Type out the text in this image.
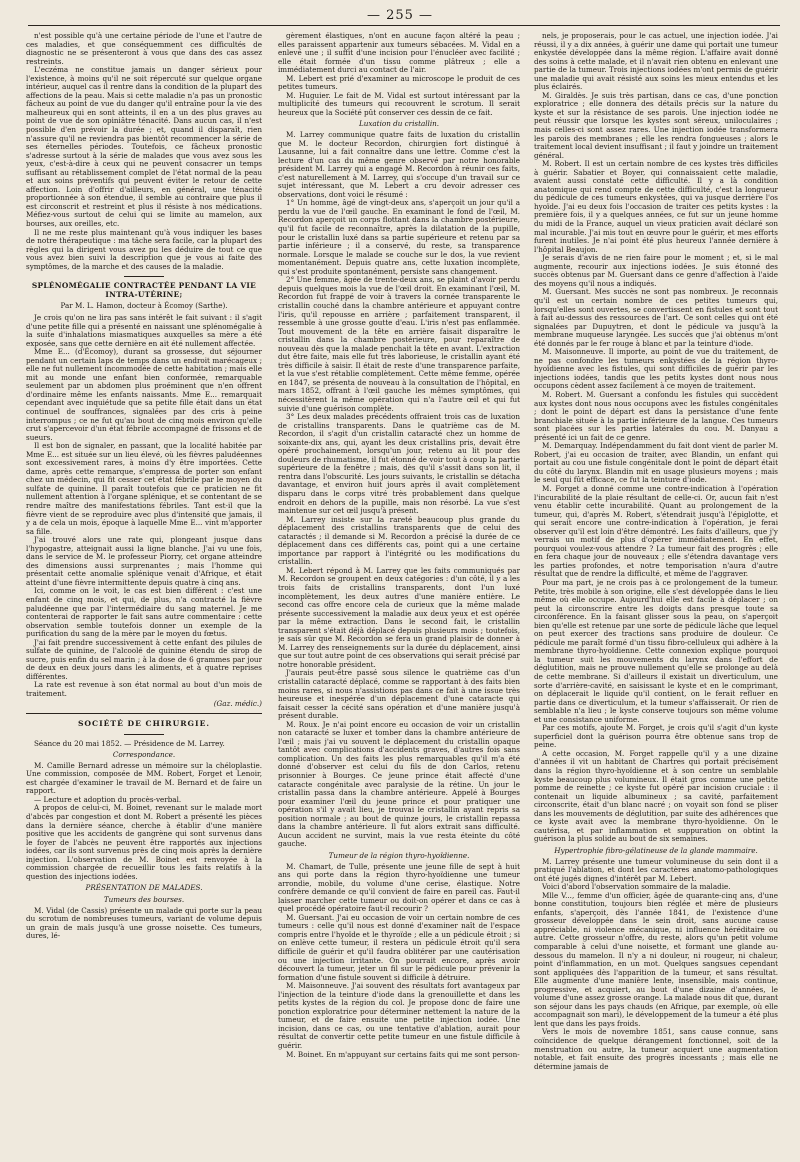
— 255 —

n'est possible qu'à une certaine période de l'une et l'autre de ces maladies, et que conséquemment ces difficultés de diagnostic ne se présenteront à vous que dans des cas assez restreints.

L'eczéma ne constitue jamais un danger sérieux pour l'existence, à moins qu'il ne soit répercuté sur quelque organe intérieur, auquel cas il rentre dans la condition de la plupart des affections de la peau. Mais si cette maladie n'a pas un pronostic fâcheux au point de vue du danger qu'il entraîne pour la vie des malheureux qui en sont atteints, il en a un des plus graves au point de vue de son opiniâtre ténacité. Dans aucun cas, il n'est possible d'en prévoir la durée ; et, quand il disparaît, rien n'assure qu'il ne reviendra pas bientôt recommencer la série de ses éternelles périodes. Toutefois, ce fâcheux pronostic s'adresse surtout à la série de malades que vous avez sous les yeux, c'est-à-dire à ceux qui ne peuvent consacrer un temps suffisant au rétablissement complet de l'état normal de la peau et aux soins préventifs qui peuvent éviter le retour de cette affection. Loin d'offrir d'ailleurs, en général, une ténacité proportionnée à son étendue, il semble au contraire que plus il est circonscrit et restreint et plus il résiste à nos médications. Méfiez-vous surtout de celui qui se limite au mamelon, aux bourses, aux oreilles, etc.

Il ne me reste plus maintenant qu'à vous indiquer les bases de notre thérapeutique : ma tâche sera facile, car la plupart des règles qui la dirigent vous avez pu les déduire de tout ce que vous avez bien suivi la description que je vous ai faite des symptômes, de la marche et des causes de la maladie.

SPLÉNOMÉGALIE CONTRACTÉE PENDANT LA VIE INTRA-UTÉRINE;
Par M. L. Hamon, docteur à Écomoy (Sarthe).

Je crois qu'on ne lira pas sans intérêt le fait suivant : il s'agit d'une petite fille qui a présenté en naissant une splénomégalie à la suite d'inhalations miasmatiques auxquelles sa mère a été exposée, sans que cette dernière en ait été nullement affectée.

Mme E... (d'Écomoy), durant sa grossesse, dut séjourner pendant un certain laps de temps dans un endroit marécageux ; elle ne fut nullement incommodée de cette habitation ; mais elle mit au monde une enfant bien conformée, remarquable seulement par un abdomen plus proéminent que n'en offrent d'ordinaire même les enfants naissants. Mme E... remarquait cependant avec inquiétude que sa petite fille était dans un état continuel de souffrances, signalées par des cris à peine interrompus ; ce ne fut qu'au bout de cinq mois environ qu'elle crut s'apercevoir d'un état fébrile accompagné de frissons et de sueurs.

Il est bon de signaler, en passant, que la localité habitée par Mme E... est située sur un lieu élevé, où les fièvres paludéennes sont excessivement rares, à moins d'y être importées. Cette dame, après cette remarque, s'empressa de porter son enfant chez un médecin, qui fit cesser cet état fébrile par le moyen du sulfate de quinine. Il paraît toutefois que ce praticien ne fit nullement attention à l'organe splénique, et se contentant de se rendre maître des manifestations fébriles. Tant est-il que la fièvre vient de se reproduire avec plus d'intensité que jamais, il y a de cela un mois, époque à laquelle Mme E... vint m'apporter sa fille.

J'ai trouvé alors une rate qui, plongeant jusque dans l'hypogastre, atteignait aussi la ligne blanche. J'ai vu une fois, dans le service de M. le professeur Piorry, cet organe atteindre des dimensions aussi surprenantes ; mais l'homme qui présentait cette anomalie splénique venait d'Afrique, et était atteint d'une fièvre intermittente depuis quatre à cinq ans.

Ici, comme on le voit, le cas est bien différent : c'est une enfant de cinq mois, et qui, de plus, n'a contracté la fièvre paludéenne que par l'intermédiaire du sang maternel. Je me contenterai de rapporter le fait sans autre commentaire : cette observation semble toutefois donner un exemple de la purification du sang de la mère par le moyen du fœtus.

J'ai fait prendre successivement à cette enfant des pilules de sulfate de quinine, de l'alcoolé de quinine étendu de sirop de sucre, puis enfin du sel marin ; à la dose de 6 grammes par jour de deux en deux jours dans les aliments, et à quatre reprises différentes.

La rate est revenue à son état normal au bout d'un mois de traitement.

(Gaz. médic.)
SOCIÉTÉ DE CHIRURGIE.
Séance du 20 mai 1852. — Présidence de M. Larrey.
Correspondance.

M. Camille Bernard adresse un mémoire sur la chéloplastie. Une commission, composée de MM. Robert, Forget et Lenoir, est chargée d'examiner le travail de M. Bernard et de faire un rapport.

— Lecture et adoption du procès-verbal.

A propos de celui-ci, M. Boinet, revenant sur le malade mort d'abcès par congestion et dont M. Robert a présenté les pièces dans la dernière séance, cherche à établir d'une manière positive que les accidents de gangrène qui sont survenus dans le foyer de l'abcès ne peuvent être rapportés aux injections iodées, car ils sont survenus près de cinq mois après la dernière injection. L'observation de M. Boinet est renvoyée à la commission chargée de recueillir tous les faits relatifs à la question des injections iodées.

PRÉSENTATION DE MALADES.
Tumeurs des bourses.

M. Vidal (de Cassis) présente un malade qui porte sur la peau du scrotum de nombreuses tumeurs, variant de volume depuis un grain de maïs jusqu'à une grosse noisette. Ces tumeurs, dures, lé-

gèrement élastiques, n'ont en aucune façon altéré la peau ; elles paraissent appartenir aux tumeurs sébacées. M. Vidal en a enlevé une ; il suffit d'une incision pour l'énucléer avec facilité ; elle était formée d'un tissu comme plâtreux ; elle a immédiatement durci au contact de l'air.

M. Lebert est prié d'examiner au microscope le produit de ces petites tumeurs.

M. Huguier. Le fait de M. Vidal est surtout intéressant par la multiplicité des tumeurs qui recouvrent le scrotum. Il serait heureux que la Société pût conserver ces dessin de ce fait.

Luxation du cristallin.

M. Larrey communique quatre faits de luxation du cristallin que M. le docteur Recordon, chirurgien fort distingué à Lausanne, lui a fait connaître dans une lettre. Comme c'est la lecture d'un cas du même genre observé par notre honorable président M. Larrey qui a engagé M. Recordon à réunir ces faits, c'est naturellement à M. Larrey, qui s'occupe d'un travail sur ce sujet intéressant, que M. Lebert a cru devoir adresser ces observations, dont voici le résumé :

1° Un homme, âgé de vingt-deux ans, s'aperçoit un jour qu'il a perdu la vue de l'œil gauche. En examinant le fond de l'œil, M. Recordon aperçoit un corps flottant dans la chambre postérieure, qu'il fut facile de reconnaître, après la dilatation de la pupille, pour le cristallin luxé dans sa partie supérieure et retenu par sa partie inférieure ; il a conservé, du reste, sa transparence normale. Lorsque le malade se couche sur le dos, la vue revient momentanément. Depuis quatre ans, cette luxation incomplète, qui s'est produite spontanément, persiste sans changement.

2° Une femme, âgée de trente-deux ans, se plaint d'avoir perdu depuis quelques mois la vue de l'œil droit. En examinant l'œil, M. Recordon fut frappé de voir à travers la cornée transparente le cristallin couché dans la chambre antérieure et appuyant contre l'iris, qu'il repousse en arrière ; parfaitement transparent, il ressemble à une grosse goutte d'eau. L'iris n'est pas enflammée. Tout mouvement de la tête en arrière faisait disparaître le cristallin dans la chambre postérieure, pour reparaître de nouveau dès que la malade penchait la tête en avant. L'extraction dut être faite, mais elle fut très laborieuse, le cristallin ayant été très difficile à saisir. Il était de reste d'une transparence parfaite, et la vue s'est rétablie complètement. Cette même femme, opérée en 1847, se présenta de nouveau à la consultation de l'hôpital, en mars 1852, offrant à l'œil gauche les mêmes symptômes, qui nécessitèrent la même opération qui n'a l'autre œil et qui fut suivie d'une guérison complète.

3° Les deux malades précédents offraient trois cas de luxation de cristallins transparents. Dans le quatrième cas de M. Recordon, il s'agit d'un cristallin cataracté chez un homme de soixante-dix ans, qui, ayant les deux cristallins pris, devait être opéré prochainement, lorsqu'un jour, retenu au lit pour des douleurs de rhumatisme, il fut étonné de voir tout à coup la partie supérieure de la fenêtre ; mais, dès qu'il s'assit dans son lit, il rentra dans l'obscurité. Les jours suivants, le cristallin se détacha davantage, et environ huit jours après il avait complètement disparu dans le corps vitré très probablement dans quelque endroit en dehors de la pupille, mais non résorbé. La vue s'est maintenue sur cet œil jusqu'à présent.

M. Larrey insiste sur la rareté beaucoup plus grande du déplacement des cristallins transparents que de celui des cataractés ; il demande si M. Recordon a précisé la durée de ce déplacement dans ces différents cas, point qui a une certaine importance par rapport à l'intégrité ou les modifications du cristallin.

M. Lebert répond à M. Larrey que les faits communiqués par M. Recordon se groupent en deux catégories : d'un côté, il y a les trois faits de cristallins transparents, dont l'un luxé incomplètement, les deux autres d'une manière entière. Le second cas offre encore cela de curieux que la même malade présente successivement la maladie aux deux yeux et est opérée par la même extraction. Dans le second fait, le cristallin transparent s'était déjà déplacé depuis plusieurs mois ; toutefois, je sais sûr que M. Recordon se fera un grand plaisir de donner à M. Larrey des renseignements sur la durée du déplacement, ainsi que sur tout autre point de ces observations qui serait précisé par notre honorable président.

J'aurais peut-être passé sous silence le quatrième cas d'un cristallin cataracté déplacé, comme se rapportant à des faits bien moins rares, si nous n'assistions pas dans ce fait à une issue très heureuse et inespérée d'un déplacement d'une cataracte qui faisait cesser la cécité sans opération et d'une manière jusqu'à présent durable.

M. Roux. Je n'ai point encore eu occasion de voir un cristallin non cataracté se luxer et tomber dans la chambre antérieure de l'œil ; mais j'ai vu souvent le déplacement du cristallin opaque tantôt avec complications d'accidents graves, d'autres fois sans complication. Un des faits les plus remarquables qu'il m'a été donné d'observer est celui du fils de don Carlos, retenu prisonnier à Bourges. Ce jeune prince était affecté d'une cataracte congénitale avec paralysie de la rétine. Un jour le cristallin passa dans la chambre antérieure. Appelé à Bourges pour examiner l'œil du jeune prince et pour pratiquer une opération s'il y avait lieu, je trouvai le cristallin ayant repris sa position normale ; au bout de quinze jours, le cristallin repassa dans la chambre antérieure. Il fut alors extrait sans difficulté. Aucun accident ne survint, mais la vue resta éteinte du côté gauche.

Tumeur de la région thyro-hyoïdienne.

M. Chamart, de Tulle, présente une jeune fille de sept à huit ans qui porte dans la région thyro-hyoïdienne une tumeur arrondie, mobile, du volume d'une cerise, élastique. Notre confrère demande ce qu'il convient de faire en pareil cas. Faut-il laisser marcher cette tumeur ou doit-on opérer et dans ce cas à quel procédé opératoire faut-il recourir ?

M. Guersant. J'ai eu occasion de voir un certain nombre de ces tumeurs : celle qu'il nous est donné d'examiner naît de l'espace compris entre l'hyoïde et le thyroïde ; elle a un pédicule étroit ; si on enlève cette tumeur, il restera un pédicule étroit qu'il sera difficile de guérir et qu'il faudra oblitérer par une cautérisation ou une injection irritante. On pourrait encore, après avoir découvert la tumeur, jeter un fil sur le pédicule pour prévenir la formation d'une fistule souvent si difficile à détruire.

M. Maisonneuve. J'ai souvent des résultats fort avantageux par l'injection de la teinture d'iode dans la grenouillette et dans les petits kystes de la région du col. Je propose donc de faire une ponction exploratrice pour déterminer nettement la nature de la tumeur, et de faire ensuite une petite injection iodée. Une incision, dans ce cas, ou une tentative d'ablation, aurait pour résultat de convertir cette petite tumeur en une fistule difficile à guérir.

M. Boinet. En m'appuyant sur certains faits qui me sont person-

nels, je proposerais, pour le cas actuel, une injection iodée. J'ai réussi, il y a dix années, à guérir une dame qui portait une tumeur enkystée développée dans la même région. L'affaire avait donné des soins à cette malade, et il n'avait rien obtenu en enlevant une partie de la tumeur. Trois injections iodées m'ont permis de guérir une maladie qui avait résisté aux soins les mieux entendus et les plus éclairés.

M. Giraldès. Je suis très partisan, dans ce cas, d'une ponction exploratrice ; elle donnera des détails précis sur la nature du kyste et sur la résistance de ses parois. Une injection iodée ne peut réussir que lorsque les kystes sont séreux, uniloculaires ; mais celles-ci sont assez rares. Une injection iodée transformera les parois des membranes ; elle les rendra fongueuses ; alors le traitement local devient insuffisant ; il faut y joindre un traitement général.

M. Robert. Il est un certain nombre de ces kystes très difficiles à guérir. Sabatier et Boyer, qui connaissaient cette maladie, avaient aussi constaté cette difficulté. Il y a là condition anatomique qui rend compte de cette difficulté, c'est la longueur du pédicule de ces tumeurs enkystées, qui va jusque derrière l'os hyoïde. J'ai eu deux fois l'occasion de traiter ces petits kystes : la première fois, il y a quelques années, ce fut sur un jeune homme du midi de la France, auquel un vieux praticien avait déclaré son mal incurable. J'ai mis tout en œuvre pour le guérir, et mes efforts furent inutiles. Je n'ai point été plus heureux l'année dernière à l'hôpital Beaujon.

Je serais d'avis de ne rien faire pour le moment ; et, si le mal augmente, recourir aux injections iodées. Je suis étonné des succès obtenus par M. Guersant dans ce genre d'affection à l'aide des moyens qu'il nous a indiqués.

M. Guersant. Mes succès ne sont pas nombreux. Je reconnais qu'il est un certain nombre de ces petites tumeurs qui, lorsqu'elles sont ouvertes, se convertissent en fistules et sont tout à fait au-dessus des ressources de l'art. Ce sont celles qui ont été signalées par Dupuytren, et dont le pédicule va jusqu'à la membrane muqueuse laryngée. Les succès que j'ai obtenus m'ont été donnés par le fer rouge à blanc et par la teinture d'iode.

M. Maisonneuve. Il importe, au point de vue du traitement, de ne pas confondre les tumeurs enkystées de la région thyro-hyoïdienne avec les fistules, qui sont difficiles de guérir par les injections iodées, tandis que les petits kystes dont nous nous occupons cèdent assez facilement à ce moyen de traitement.

M. Robert. M. Guersant a confondu les fistules qui succèdent aux kystes dont nous nous occupons avec les fistules congénitales ; dont le point de départ est dans la persistance d'une fente branchiale située à la partie inférieure de la langue. Ces tumeurs sont placées sur les parties latérales du cou. M. Danyau a présenté ici un fait de ce genre.

M. Demarquay. Indépendamment du fait dont vient de parler M. Robert, j'ai eu occasion de traiter, avec Blandin, un enfant qui portait au cou une fistule congénitale dont le point de départ était du côté du larynx. Blandin mit en usage plusieurs moyens ; mais le seul qui fût efficace, ce fut la teinture d'iode.

M. Forget a donné comme une contre-indication à l'opération l'incurabilité de la plaie résultant de celle-ci. Or, aucun fait n'est venu établir cette incurabilité. Quant au prolongement de la tumeur, qui, d'après M. Robert, s'étendrait jusqu'à l'épiglotte, et qui serait encore une contre-indication à l'opération, je ferai observer qu'il est loin d'être démontré. Les faits d'ailleurs, que j'y verrais un motif de plus d'opérer immédiatement. En effet, pourquoi voulez-vous attendre ? La tumeur fait des progrès ; elle en fera chaque jour de nouveaux ; elle s'étendra davantage vers les parties profondes, et notre temporisation n'aura d'autre résultat que de rendre la difficulté, et même de l'aggraver.

Pour ma part, je ne crois pas à ce prolongement de la tumeur. Petite, très mobile à son origine, elle s'est développée dans le lieu même où elle occupe. Aujourd'hui elle est facile à déplacer ; on peut la circonscrire entre les doigts dans presque toute sa circonférence. En la faisant glisser sous la peau, on s'aperçoit bien qu'elle est retenue par une sorte de pédicule lâche que lequel on peut exercer des tractions sans produire de douleur. Ce pédicule me paraît formé d'un tissu fibro-celluleux qui adhère à la membrane thyro-hyoïdienne. Cette connexion explique pourquoi la tumeur suit les mouvements du larynx dans l'effort de déglutition, mais ne prouve nullement qu'elle se prolonge au delà de cette membrane. Si d'ailleurs il existait un diverticulum, une sorte d'arrière-cavité, en saisissant le kyste et en le comprimant, on déplacerait le liquide qu'il contient, on le ferait refluer en partie dans ce diverticulum, et la tumeur s'affaisserait. Or rien de semblable n'a lieu ; le kyste conserve toujours son même volume et une consistance uniforme.

Par ces motifs, ajoute M. Forget, je crois qu'il s'agit d'un kyste superficiel dont la guérison pourra être obtenue sans trop de peine.

A cette occasion, M. Forget rappelle qu'il y a une dizaine d'années il vit un habitant de Chartres qui portait précisément dans la région thyro-hyoïdienne et à son centre un semblable kyste beaucoup plus volumineux. Il était gros comme une petite pomme de reinette ; ce kyste fut opéré par incision cruciale : il contenait un liquide albumineux ; sa cavité, parfaitement circonscrite, était d'un blanc nacré ; on voyait son fond se pliser dans les mouvements de déglutition, par suite des adhérences que ce kyste avait avec la membrane thyro-hyoïdienne. On le cautérisa, et par inflammation et suppuration on obtint la guérison la plus solide au bout de six semaines.

Hypertrophie fibro-gélatineuse de la glande mammaire.

M. Larrey présente une tumeur volumineuse du sein dont il a pratiqué l'ablation, et dont les caractères anatomo-pathologiques ont été jugés dignes d'intérêt par M. Lebert.

Voici d'abord l'observation sommaire de la maladie.

Mlle V..., femme d'un officier, âgée de quarante-cinq ans, d'une bonne constitution, toujours bien réglée et mère de plusieurs enfants, s'aperçoit, dès l'année 1841, de l'existence d'une grosseur développée dans le sein droit, sans aucune cause appréciable, ni violence mécanique, ni influence héréditaire ou autre. Cette grosseur n'offre, du reste, alors qu'un petit volume comparable à celui d'une noisette, et formant une glande au-dessous du mamelon. Il n'y a ni douleur, ni rougeur, ni chaleur, point d'inflammation, en un mot. Quelques sangsues cependant sont appliquées dès l'apparition de la tumeur, et sans résultat. Elle augmente d'une manière lente, insensible, mais continue, progressive, et acquiert, au bout d'une dizaine d'années, le volume d'une assez grosse orange. La malade nous dit que, durant son séjour dans les pays chauds (en Afrique, par exemple, où elle accompagnait son mari), le développement de la tumeur a été plus lent que dans les pays froids.

Vers le mois de novembre 1851, sans cause connue, sans coïncidence de quelque dérangement fonctionnel, soit de la menstruation ou autre, la tumeur acquiert une augmentation notable, et fait ensuite des progrès incessants ; mais elle ne détermine jamais de
